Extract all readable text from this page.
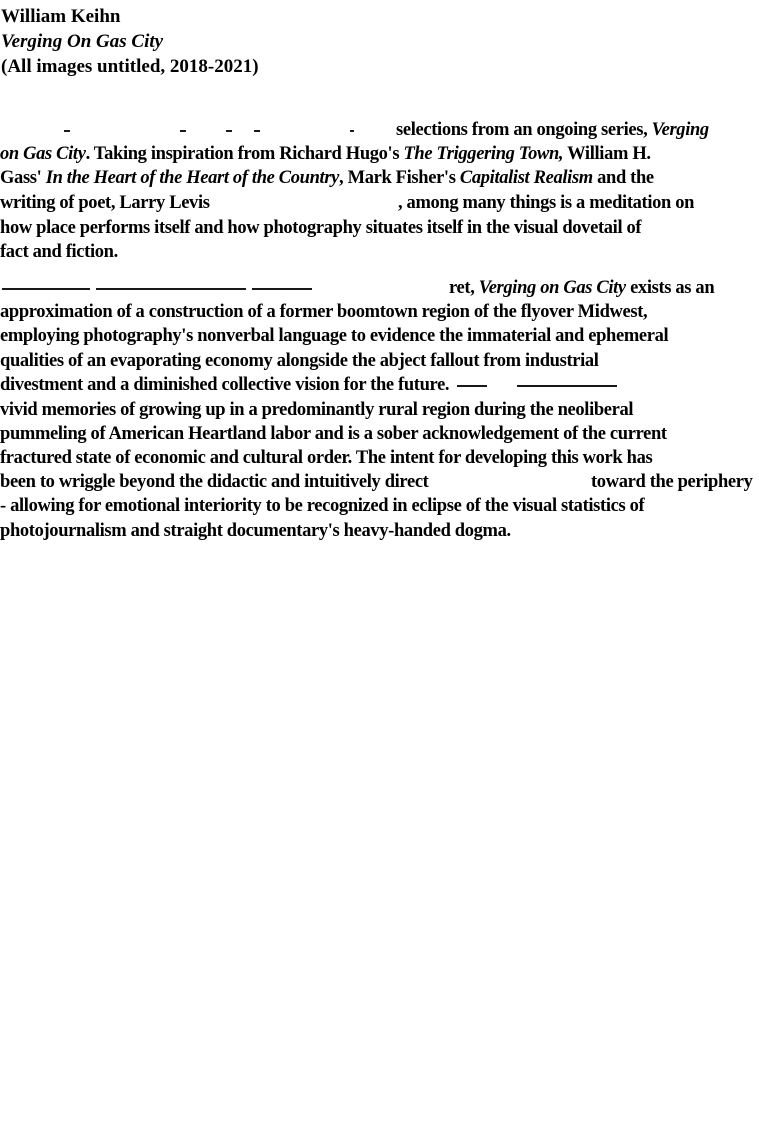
William Keihn
Verging On Gas City
(All images untitled, 2018-2021)
selections from an ongoing series, Verging
on Gas City. Taking inspiration from Richard Hugo's The Triggering Town, William H.
Gass' In the Heart of the Heart of the Country, Mark Fisher's Capitalist Realism and the
writing of poet, Larry Levis	, among many things is a meditation on
how place performs itself and how photography situates itself in the visual dovetail of
fact and fiction.
ret, Verging on Gas City exists as an
approximation of a construction of a former boomtown region of the flyover Midwest,
employing photography's nonverbal language to evidence the immaterial and ephemeral
qualities of an evaporating economy alongside the abject fallout from industrial
divestment and a diminished collective vision for the future.
vivid memories of growing up in a predominantly rural region during the neoliberal
pummeling of American Heartland labor and is a sober acknowledgement of the current
fractured state of economic and cultural order. The intent for developing this work has
been to wriggle beyond the didactic and intuitively direct	toward the periphery
- allowing for emotional interiority to be recognized in eclipse of the visual statistics of
photojournalism and straight documentary's heavy-handed dogma.
